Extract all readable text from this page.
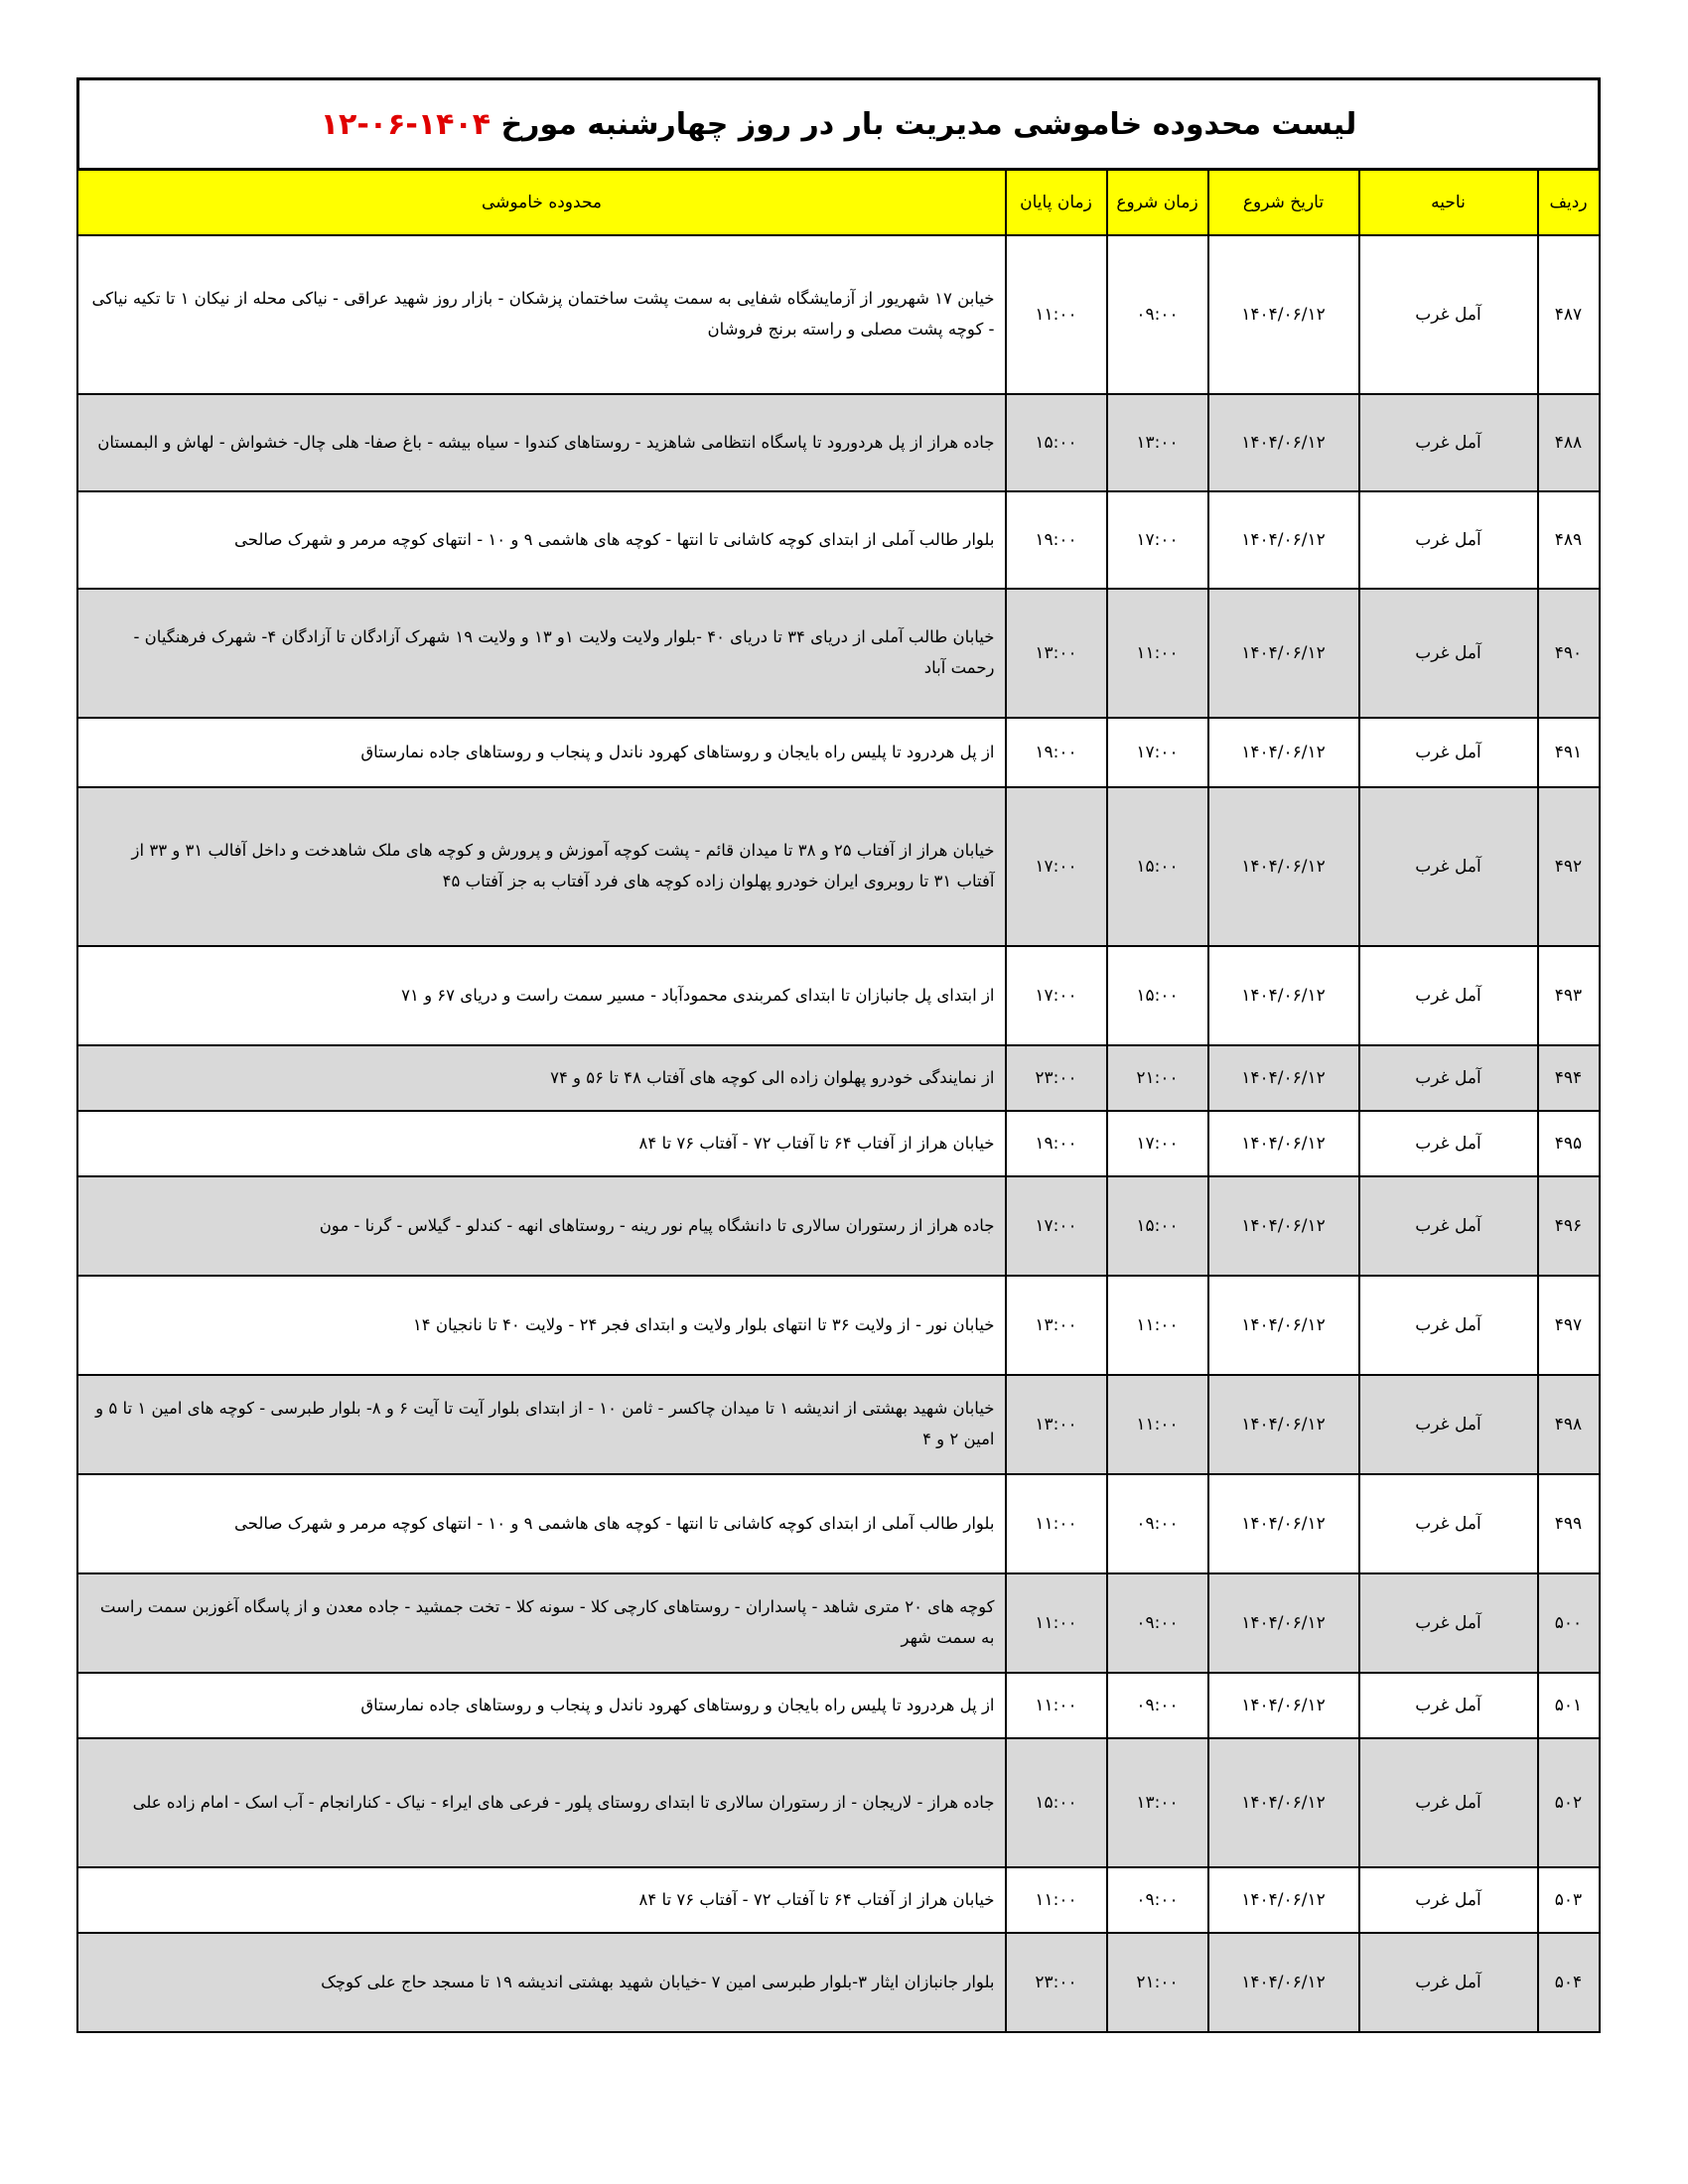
لیست محدوده خاموشی مدیریت بار در روز چهارشنبه مورخ ۱۴۰۴-۰۶-۱۲					
ردیف	ناحیه	تاریخ شروع	زمان شروع	زمان پایان	محدوده خاموشی
۴۸۷	آمل غرب	۱۴۰۴/۰۶/۱۲	۰۹:۰۰	۱۱:۰۰	خیابن ۱۷ شهریور از آزمایشگاه شفایی به سمت پشت ساختمان پزشکان - بازار روز شهید عراقی - نیاکی محله از نیکان ۱ تا تکیه نیاکی - کوچه پشت مصلی و راسته برنج فروشان
۴۸۸	آمل غرب	۱۴۰۴/۰۶/۱۲	۱۳:۰۰	۱۵:۰۰	جاده هراز از پل هردورود تا پاسگاه انتظامی شاهزید - روستاهای کندوا - سیاه بیشه - باغ صفا- هلی چال- خشواش - لهاش و البمستان
۴۸۹	آمل غرب	۱۴۰۴/۰۶/۱۲	۱۷:۰۰	۱۹:۰۰	بلوار طالب آملی از ابتدای کوچه کاشانی تا انتها - کوچه های هاشمی ۹ و ۱۰ - انتهای کوچه مرمر و شهرک صالحی
۴۹۰	آمل غرب	۱۴۰۴/۰۶/۱۲	۱۱:۰۰	۱۳:۰۰	خیابان طالب آملی از دریای ۳۴ تا دریای ۴۰ -بلوار ولایت ولایت ۱و ۱۳ و ولایت ۱۹ شهرک آزادگان تا آزادگان ۴- شهرک فرهنگیان - رحمت آباد
۴۹۱	آمل غرب	۱۴۰۴/۰۶/۱۲	۱۷:۰۰	۱۹:۰۰	از پل هردرود تا پلیس راه بایجان و روستاهای کهرود ناندل و پنجاب و روستاهای جاده نمارستاق
۴۹۲	آمل غرب	۱۴۰۴/۰۶/۱۲	۱۵:۰۰	۱۷:۰۰	خیابان هراز از آفتاب ۲۵ و ۳۸ تا میدان قائم - پشت کوچه آموزش و پرورش و کوچه های ملک شاهدخت و داخل آفالب ۳۱ و ۳۳ از آفتاب ۳۱ تا روبروی ایران خودرو پهلوان زاده کوچه های فرد آفتاب به جز آفتاب ۴۵
۴۹۳	آمل غرب	۱۴۰۴/۰۶/۱۲	۱۵:۰۰	۱۷:۰۰	از ابتدای پل جانبازان تا ابتدای کمربندی محمودآباد - مسیر سمت راست و دریای ۶۷ و ۷۱
۴۹۴	آمل غرب	۱۴۰۴/۰۶/۱۲	۲۱:۰۰	۲۳:۰۰	از نمایندگی خودرو پهلوان زاده الی کوچه های آفتاب ۴۸ تا ۵۶ و ۷۴
۴۹۵	آمل غرب	۱۴۰۴/۰۶/۱۲	۱۷:۰۰	۱۹:۰۰	خیابان هراز از آفتاب ۶۴ تا آفتاب ۷۲ - آفتاب ۷۶ تا ۸۴
۴۹۶	آمل غرب	۱۴۰۴/۰۶/۱۲	۱۵:۰۰	۱۷:۰۰	جاده هراز از رستوران سالاری تا دانشگاه پیام نور رینه - روستاهای انهه - کندلو - گیلاس - گرنا - مون
۴۹۷	آمل غرب	۱۴۰۴/۰۶/۱۲	۱۱:۰۰	۱۳:۰۰	خیابان نور - از ولایت ۳۶ تا انتهای بلوار ولایت و ابتدای فجر ۲۴ - ولایت ۴۰ تا نانجیان ۱۴
۴۹۸	آمل غرب	۱۴۰۴/۰۶/۱۲	۱۱:۰۰	۱۳:۰۰	خیابان شهید بهشتی از اندیشه ۱ تا میدان چاکسر - ثامن ۱۰ - از ابتدای بلوار آیت تا آیت ۶ و ۸- بلوار طبرسی - کوچه های امین ۱ تا ۵ و امین ۲ و ۴
۴۹۹	آمل غرب	۱۴۰۴/۰۶/۱۲	۰۹:۰۰	۱۱:۰۰	بلوار طالب آملی از ابتدای کوچه کاشانی تا انتها - کوچه های هاشمی ۹ و ۱۰ - انتهای کوچه مرمر و شهرک صالحی
۵۰۰	آمل غرب	۱۴۰۴/۰۶/۱۲	۰۹:۰۰	۱۱:۰۰	کوچه های ۲۰ متری شاهد - پاسداران - روستاهای کارچی کلا - سونه کلا - تخت جمشید - جاده معدن و از پاسگاه آغوزبن سمت راست به سمت شهر
۵۰۱	آمل غرب	۱۴۰۴/۰۶/۱۲	۰۹:۰۰	۱۱:۰۰	از پل هردرود تا پلیس راه بایجان و روستاهای کهرود ناندل و پنجاب و روستاهای جاده نمارستاق
۵۰۲	آمل غرب	۱۴۰۴/۰۶/۱۲	۱۳:۰۰	۱۵:۰۰	جاده هراز - لاریجان - از رستوران سالاری تا ابتدای روستای پلور - فرعی های ایراء - نیاک - کنارانجام - آب اسک - امام زاده علی
۵۰۳	آمل غرب	۱۴۰۴/۰۶/۱۲	۰۹:۰۰	۱۱:۰۰	خیابان هراز از آفتاب ۶۴ تا آفتاب ۷۲ - آفتاب ۷۶ تا ۸۴
۵۰۴	آمل غرب	۱۴۰۴/۰۶/۱۲	۲۱:۰۰	۲۳:۰۰	بلوار جانبازان ایثار ۳-بلوار طبرسی امین ۷ -خیابان شهید بهشتی اندیشه ۱۹ تا مسجد حاج علی کوچک
